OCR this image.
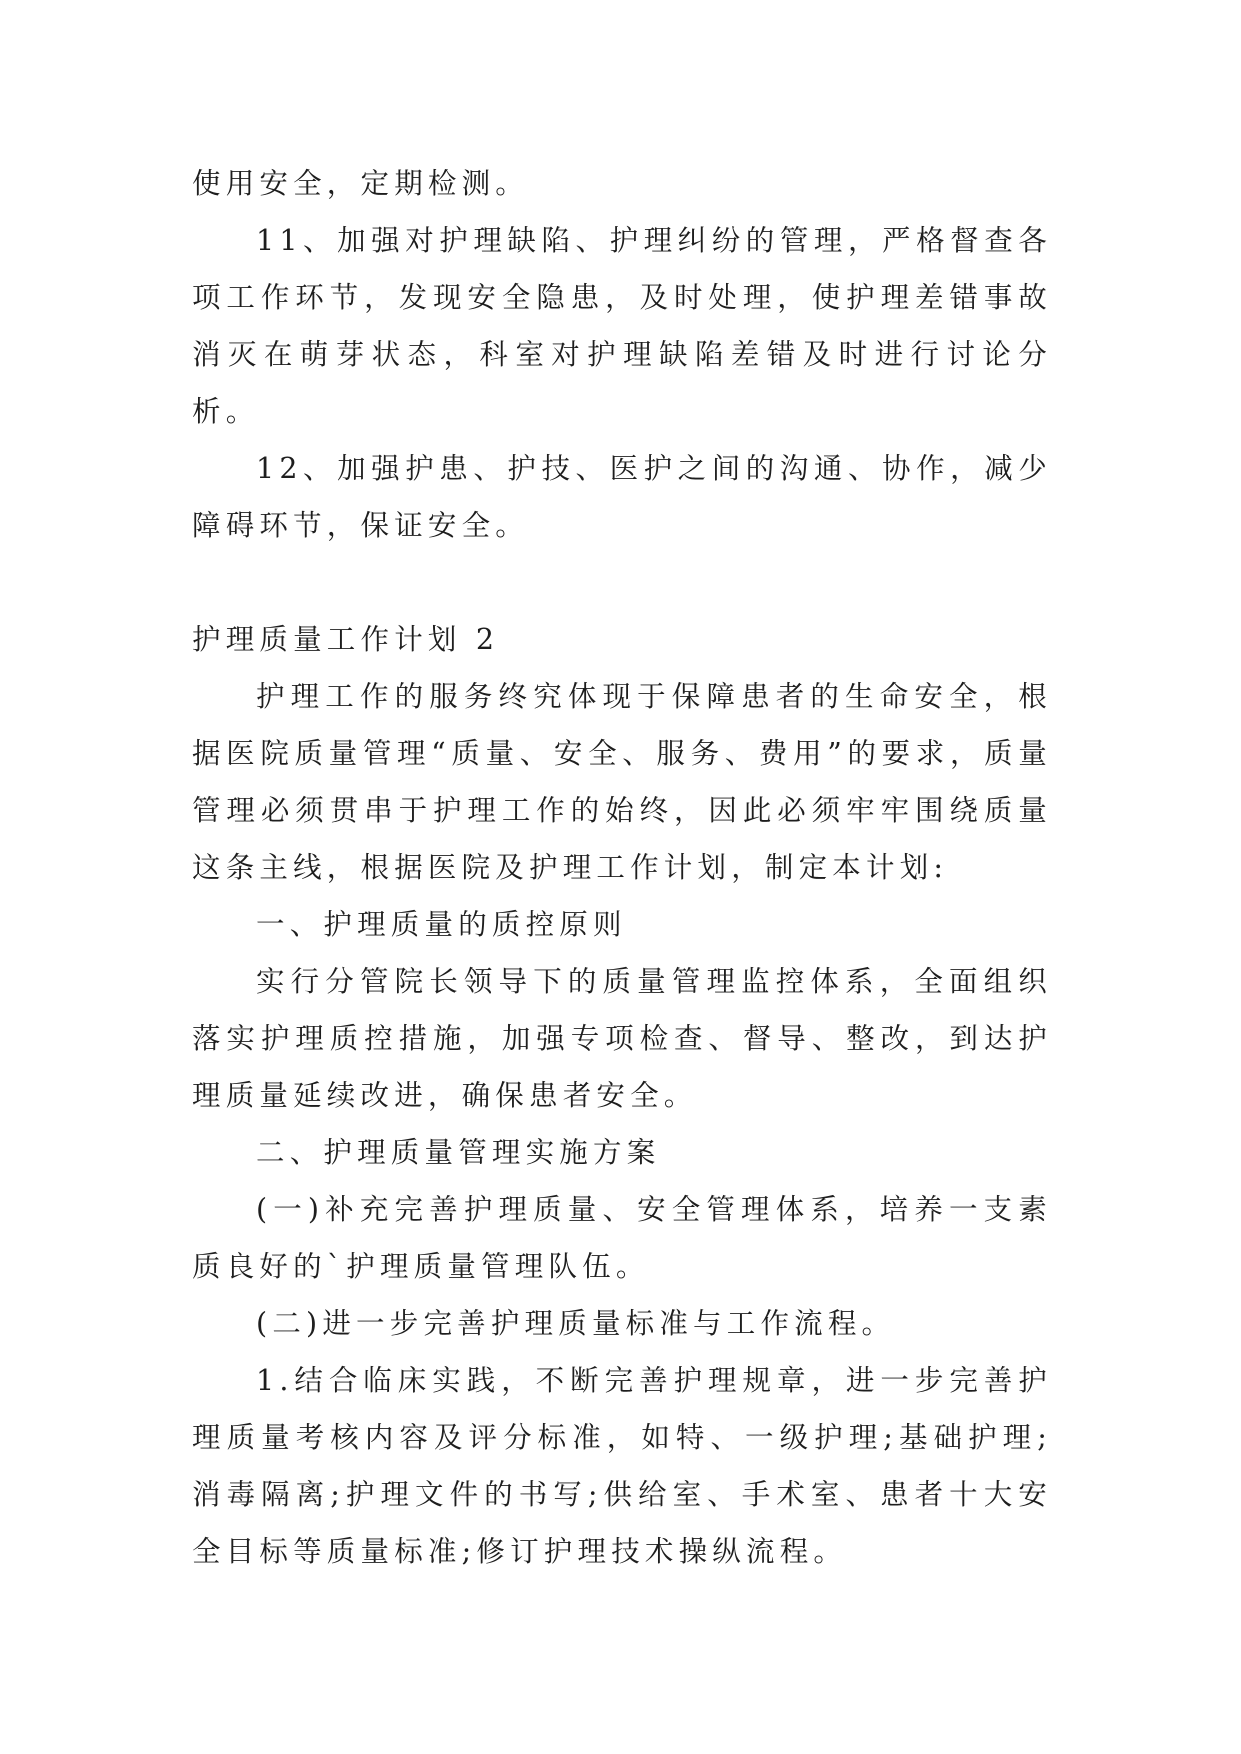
使用安全，定期检测。

11、加强对护理缺陷、护理纠纷的管理，严格督查各项工作环节，发现安全隐患，及时处理，使护理差错事故消灭在萌芽状态，科室对护理缺陷差错及时进行讨论分析。

12、加强护患、护技、医护之间的沟通、协作，减少障碍环节，保证安全。

护理质量工作计划 2

护理工作的服务终究体现于保障患者的生命安全，根据医院质量管理“质量、安全、服务、费用”的要求，质量管理必须贯串于护理工作的始终，因此必须牢牢围绕质量这条主线，根据医院及护理工作计划，制定本计划:

一、护理质量的质控原则

实行分管院长领导下的质量管理监控体系，全面组织落实护理质控措施，加强专项检查、督导、整改，到达护理质量延续改进，确保患者安全。

二、护理质量管理实施方案

(一)补充完善护理质量、安全管理体系，培养一支素质良好的`护理质量管理队伍。

(二)进一步完善护理质量标准与工作流程。

1.结合临床实践，不断完善护理规章，进一步完善护理质量考核内容及评分标准，如特、一级护理;基础护理;消毒隔离;护理文件的书写;供给室、手术室、患者十大安全目标等质量标准;修订护理技术操纵流程。
